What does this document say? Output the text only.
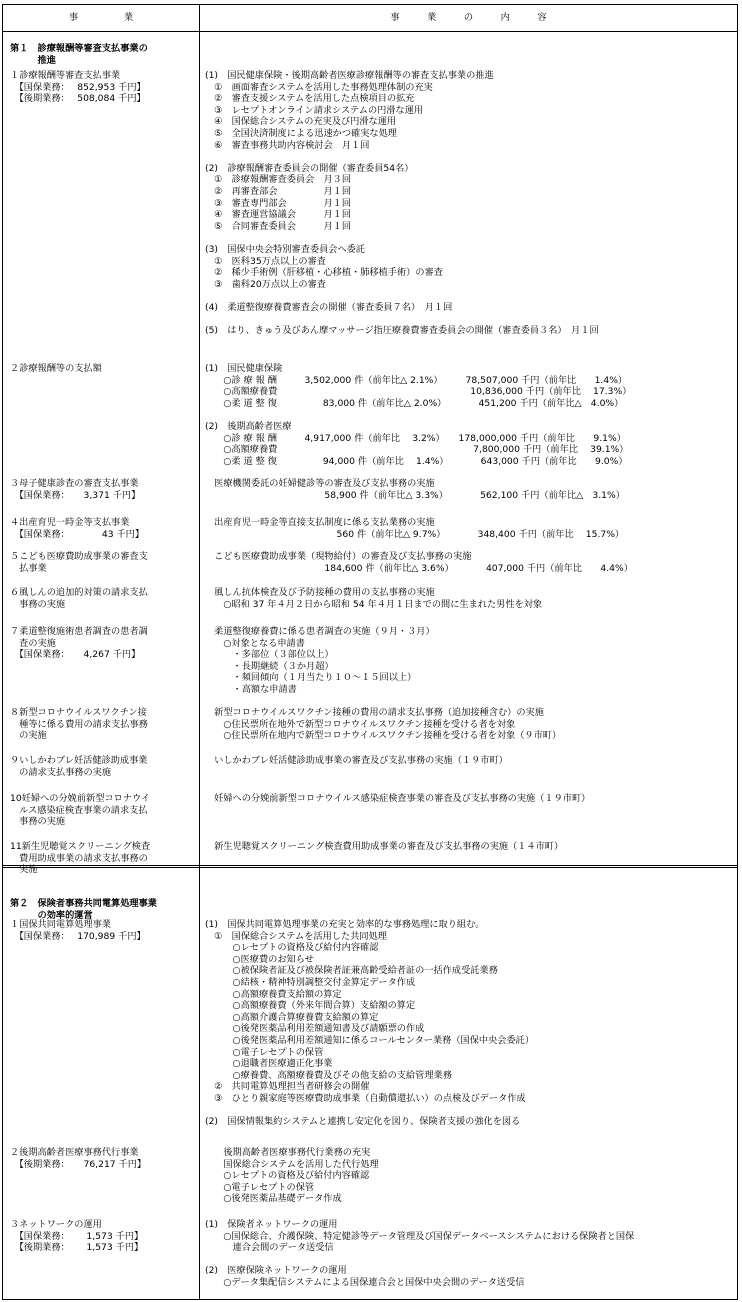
事　　　　　業	事　　　業　　　の　　　内　　　容
第１　診療報酬等審査支払事業の
　　　推進
１診療報酬等審査支払事業
　【国保業務：　 852,953 千円】
　【後期業務：　 508,084 千円】
(1)　国民健康保険・後期高齢者医療診療報酬等の審査支払事業の推進
　①　画面審査システムを活用した事務処理体制の充実
　②　審査支援システムを活用した点検項目の拡充
　③　レセプトオンライン請求システムの円滑な運用
　④　国保総合システムの充実及び円滑な運用
　⑤　全国決済制度による迅速かつ確実な処理
　⑥　審査事務共助内容検討会　月１回
(2)　診療報酬審査委員会の開催（審査委員54名）
　①　診療報酬審査委員会　月３回
　②　再審査部会　　　　　月１回
　③　審査専門部会　　　　月１回
　④　審査運営協議会　　　月１回
　⑤　合同審査委員会　　　月１回
(3)　国保中央会特別審査委員会へ委託
　①　医科35万点以上の審査
　②　稀少手術例（肝移植・心移植・肺移植手術）の審査
　③　歯科20万点以上の審査
(4)　柔道整復療養費審査会の開催（審査委員７名）　月１回
(5)　はり、きゅう及びあん摩マッサージ指圧療養費審査委員会の開催（審査委員３名）　月１回
２診療報酬等の支払額	(1)　国民健康保険
　　○診 療 報 酬　　　3,502,000 件（前年比△ 2.1%）　　　78,507,000 千円（前年比　　1.4%）
　　○高額療養費　　　　　　　　　　　　　　　　　　　　　10,836,000 千円（前年比　 17.3%）
　　○柔 道 整 復　　　　　83,000 件（前年比△ 2.0%）　　　　451,200 千円（前年比△　4.0%）
(2)　後期高齢者医療
　　○診 療 報 酬　　　4,917,000 件（前年比　 3.2%）　　178,000,000 千円（前年比　　9.1%）
　　○高額療養費　　　　　　　　　　　　　　　　　　　　　 7,800,000 千円（前年比　 39.1%）
　　○柔 道 整 復　　　　　94,000 件（前年比　 1.4%）　　　　643,000 千円（前年比　　9.0%）
３母子健康診査の審査支払事業
　【国保業務：　　3,371 千円】
　医療機関委託の妊婦健診等の審査及び支払事務の実施
　　　　　　　　　　　　　58,900 件（前年比△ 3.3%）　　　　562,100 千円（前年比△　3.1%）
４出産育児一時金等支払事業
　【国保業務：　　　　43 千円】
　出産育児一時金等直接支払制度に係る支払業務の実施
　　　　　　　　　　　　　　 560 件（前年比△ 9.7%）　　　　348,400 千円（前年比　 15.7%）
５こども医療費助成事業の審査支
　払事業
　こども医療費助成事業（現物給付）の審査及び支払事務の実施
　　　　　　　　　　　　　184,600 件（前年比△ 3.6%）　　　　407,000 千円（前年比　　4.4%）
６風しんの追加的対策の請求支払
　事務の実施
　風しん抗体検査及び予防接種の費用の支払事務の実施
　　○昭和 37 年４月２日から昭和 54 年４月１日までの間に生まれた男性を対象
７柔道整復施術患者調査の患者調
　査の実施
　【国保業務：　　4,267 千円】
　柔道整復療養費に係る患者調査の実施（９月・３月）
　　○対象となる申請書
　　　・多部位（３部位以上）
　　　・長期継続（３か月超）
　　　・頻回傾向（１月当たり１０～１５回以上）
　　　・高額な申請書
８新型コロナウイルスワクチン接
　種等に係る費用の請求支払事務
　の実施
　新型コロナウイルスワクチン接種の費用の請求支払事務（追加接種含む）の実施
　　○住民票所在地外で新型コロナウイルスワクチン接種を受ける者を対象
　　○住民票所在地内で新型コロナウイルスワクチン接種を受ける者を対象（９市町）
９いしかわブレ妊活健診助成事業
　の請求支払事務の実施
　いしかわブレ妊活健診助成事業の審査及び支払事務の実施（１９市町）
10妊婦への分娩前新型コロナウイ
　ルス感染症検査事業の請求支払
　事務の実施
　妊婦への分娩前新型コロナウイルス感染症検査事業の審査及び支払事務の実施（１９市町）
11新生児聴覚スクリーニング検査
　費用助成事業の請求支払事務の
　実施
　新生児聴覚スクリーニング検査費用助成事業の審査及び支払事務の実施（１４市町）
第２　保険者事務共同電算処理事業
　　　の効率的運営
１国保共同電算処理事業
　【国保業務：　 170,989 千円】
(1)　国保共同電算処理事業の充実と効率的な事務処理に取り組む。
　①　国保総合システムを活用した共同処理
　　　○レセプトの資格及び給付内容確認
　　　○医療費のお知らせ
　　　○被保険者証及び被保険者証兼高齢受給者証の一括作成受託業務
　　　○結核・精神特別調整交付金算定データ作成
　　　○高額療養費支給額の算定
　　　○高額療養費（外来年間合算）支給額の算定
　　　○高額介護合算療養費支給額の算定
　　　○後発医薬品利用差額通知書及び請願票の作成
　　　○後発医薬品利用差額通知に係るコールセンター業務（国保中央会委託）
　　　○電子レセプトの保管
　　　○退職者医療適正化事業
　　　○療養費、高額療養費及びその他支給の支給管理業務
　②　共同電算処理担当者研修会の開催
　③　ひとり親家庭等医療費助成事業（自動償還払い）の点検及びデータ作成
(2)　国保情報集約システムと連携し安定化を図り、保険者支援の強化を図る
２後期高齢者医療事務代行事業
　【後期業務：　　76,217 千円】
　　後期高齢者医療事務代行業務の充実
　　国保総合システムを活用した代行処理
　　○レセプトの資格及び給付内容確認
　　○電子レセプトの保管
　　○後発医薬品基礎データ作成
３ネットワークの運用
　【国保業務：　　 1,573 千円】
　【後期業務：　　 1,573 千円】
(1)　保険者ネットワークの運用
　　○国保総合、介護保険、特定健診等データ管理及び国保データベースシステムにおける保険者と国保
　　　連合会間のデータ送受信
(2)　医療保険ネットワークの運用
　　○データ集配信システムによる国保連合会と国保中央会間のデータ送受信
